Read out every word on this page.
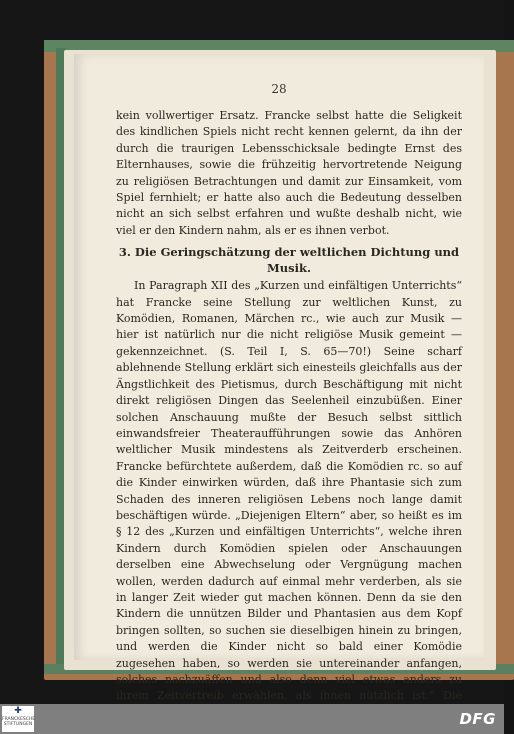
28

kein vollwertiger Ersatz. Francke selbst hatte die Seligkeit des kindlichen Spiels nicht recht kennen gelernt, da ihn der durch die traurigen Lebensschicksale bedingte Ernst des Elternhauses, sowie die frühzeitig hervortretende Neigung zu religiösen Betrachtungen und damit zur Einsamkeit, vom Spiel fernhielt; er hatte also auch die Bedeutung desselben nicht an sich selbst erfahren und wußte deshalb nicht, wie viel er den Kindern nahm, als er es ihnen verbot.

3. Die Geringschätzung der weltlichen Dichtung und Musik.

In Paragraph XII des „Kurzen und einfältigen Unterrichts“ hat Francke seine Stellung zur weltlichen Kunst, zu Komödien, Romanen, Märchen rc., wie auch zur Musik — hier ist natürlich nur die nicht religiöse Musik gemeint — gekennzeichnet. (S. Teil I, S. 65—70!) Seine scharf ablehnende Stellung erklärt sich einesteils gleichfalls aus der Ängstlichkeit des Pietismus, durch Beschäftigung mit nicht direkt religiösen Dingen das Seelenheil einzubüßen. Einer solchen Anschauung mußte der Besuch selbst sittlich einwandsfreier Theateraufführungen sowie das Anhören weltlicher Musik mindestens als Zeitverderb erscheinen. Francke befürchtete außerdem, daß die Komödien rc. so auf die Kinder einwirken würden, daß ihre Phantasie sich zum Schaden des inneren religiösen Lebens noch lange damit beschäftigen würde. „Diejenigen Eltern“ aber, so heißt es im § 12 des „Kurzen und einfältigen Unterrichts“, welche ihren Kindern durch Komödien spielen oder Anschauungen derselben eine Abwechselung oder Vergnügung machen wollen, werden dadurch auf einmal mehr verderben, als sie in langer Zeit wieder gut machen können. Denn da sie den Kindern die unnützen Bilder und Phantasien aus dem Kopf bringen sollten, so suchen sie dieselbigen hinein zu bringen, und werden die Kinder nicht so bald einer Komödie zugesehen haben, so werden sie untereinander anfangen, solches nachzuäffen und also denn viel etwas anders zu ihrem Zeitvertreib erwählen, als ihnen nützlich ist.“ Die

✚
FRANCKESCHE STIFTUNGEN	DFG
